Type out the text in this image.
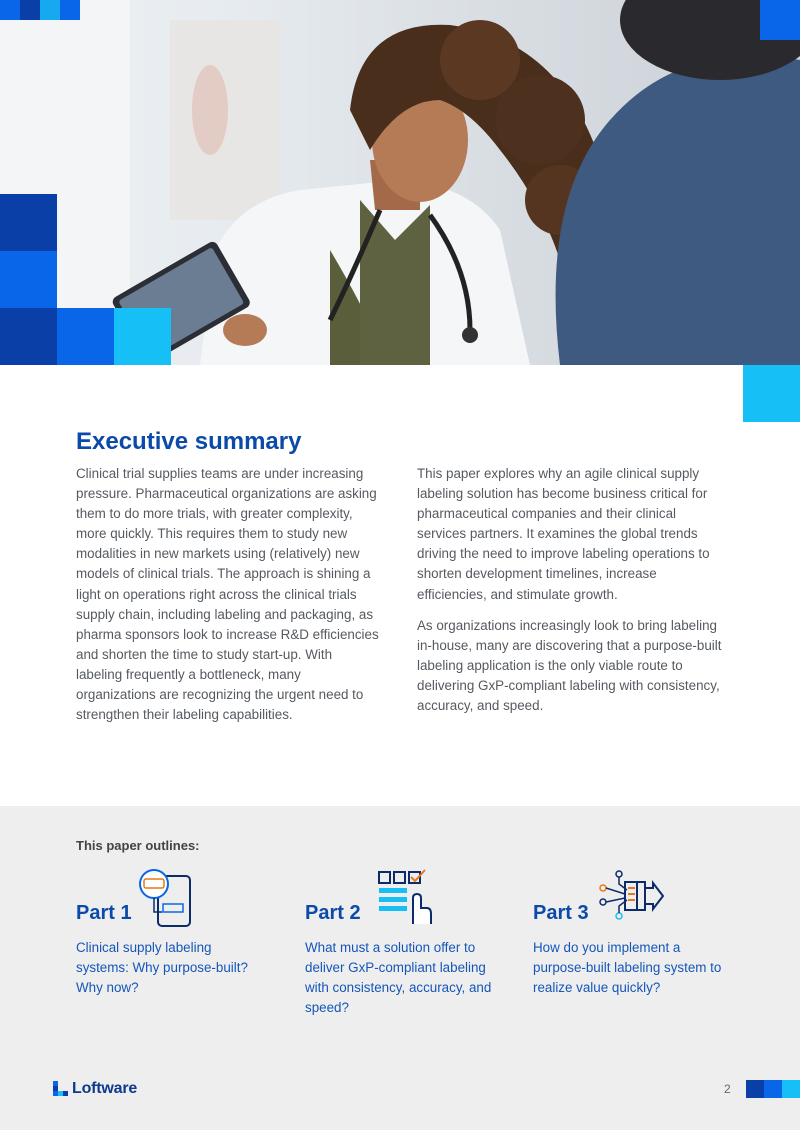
Executive summary

Clinical trial supplies teams are under increasing pressure. Pharmaceutical organizations are asking them to do more trials, with greater complexity, more quickly. This requires them to study new modalities in new markets using (relatively) new models of clinical trials. The approach is shining a light on operations right across the clinical trials supply chain, including labeling and packaging, as pharma sponsors look to increase R&D efficiencies and shorten the time to study start-up. With labeling frequently a bottleneck, many organizations are recognizing the urgent need to strengthen their labeling capabilities.

This paper explores why an agile clinical supply labeling solution has become business critical for pharmaceutical companies and their clinical services partners. It examines the global trends driving the need to improve labeling operations to shorten development timelines, increase efficiencies, and stimulate growth.

As organizations increasingly look to bring labeling in-house, many are discovering that a purpose-built labeling application is the only viable route to delivering GxP-compliant labeling with consistency, accuracy, and speed.

This paper outlines:
Part 1
Clinical supply labeling systems: Why purpose-built? Why now?
Part 2
What must a solution offer to deliver GxP-compliant labeling with consistency, accuracy, and speed?
Part 3
How do you implement a purpose-built labeling system to realize value quickly?
Loftware	2
